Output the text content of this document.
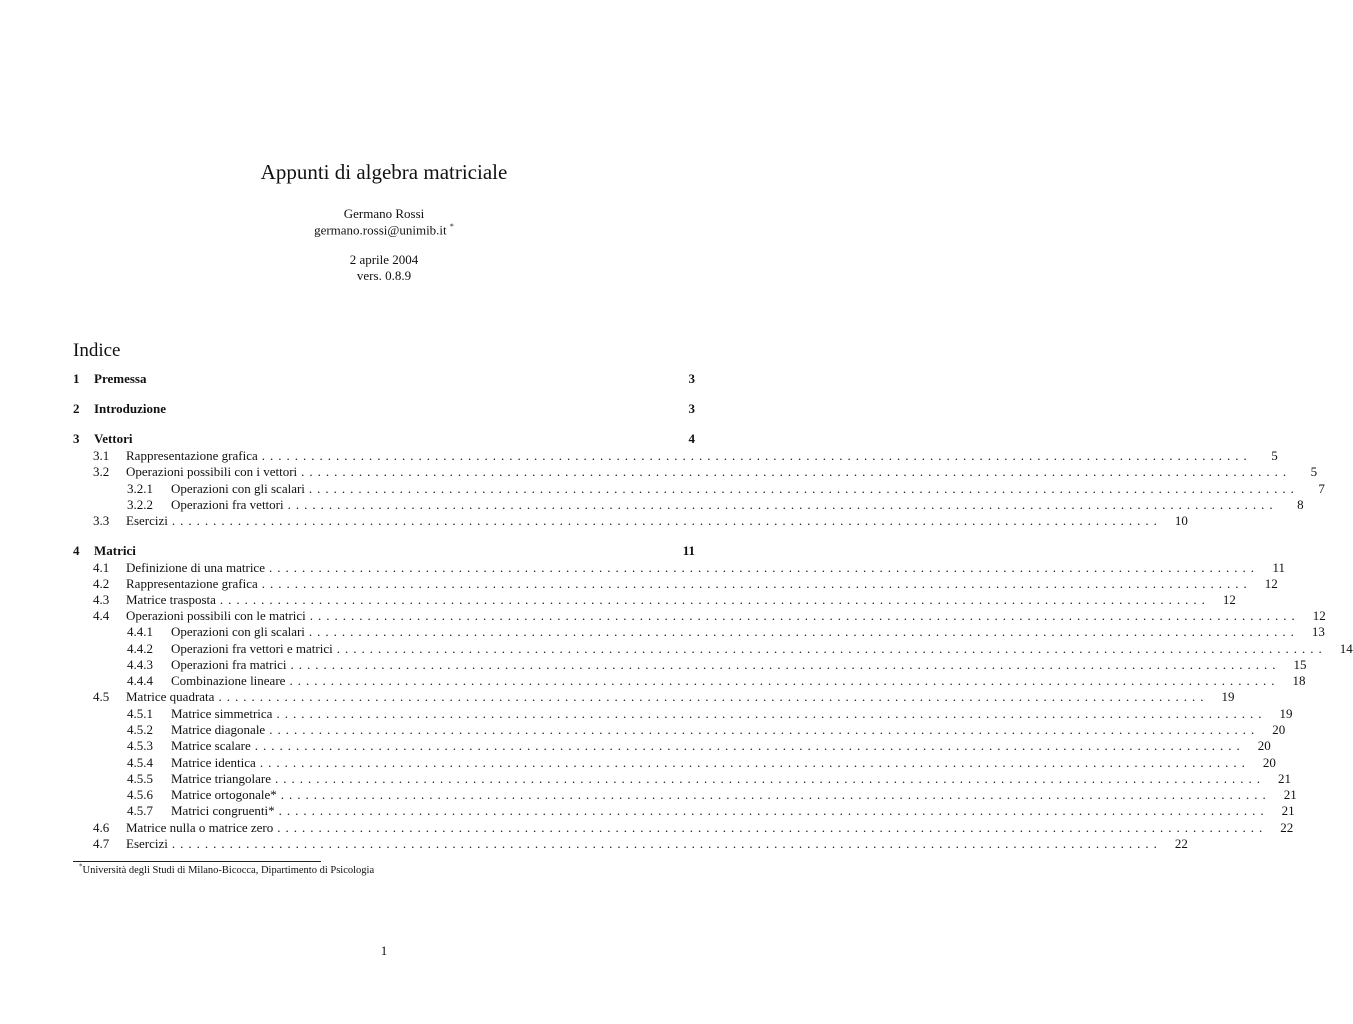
Appunti di algebra matriciale
Germano Rossi
germano.rossi@unimib.it *
2 aprile 2004
vers. 0.8.9
Indice
1	Premessa	3
2	Introduzione	3
3	Vettori	4
3.1	Rappresentazione grafica ........................................................................................................................	5
3.2	Operazioni possibili con i vettori ........................................................................................................................	5
3.2.1	Operazioni con gli scalari ........................................................................................................................	7
3.2.2	Operazioni fra vettori ........................................................................................................................	8
3.3	Esercizi ........................................................................................................................	10
4	Matrici	11
4.1	Definizione di una matrice ........................................................................................................................	11
4.2	Rappresentazione grafica ........................................................................................................................	12
4.3	Matrice trasposta ........................................................................................................................	12
4.4	Operazioni possibili con le matrici ........................................................................................................................	12
4.4.1	Operazioni con gli scalari ........................................................................................................................	13
4.4.2	Operazioni fra vettori e matrici ........................................................................................................................	14
4.4.3	Operazioni fra matrici ........................................................................................................................	15
4.4.4	Combinazione lineare ........................................................................................................................	18
4.5	Matrice quadrata ........................................................................................................................	19
4.5.1	Matrice simmetrica ........................................................................................................................	19
4.5.2	Matrice diagonale ........................................................................................................................	20
4.5.3	Matrice scalare ........................................................................................................................	20
4.5.4	Matrice identica ........................................................................................................................	20
4.5.5	Matrice triangolare ........................................................................................................................	21
4.5.6	Matrice ortogonale* ........................................................................................................................	21
4.5.7	Matrici congruenti* ........................................................................................................................	21
4.6	Matrice nulla o matrice zero ........................................................................................................................	22
4.7	Esercizi ........................................................................................................................	22
*Università degli Studi di Milano-Bicocca, Dipartimento di Psicologia
1
